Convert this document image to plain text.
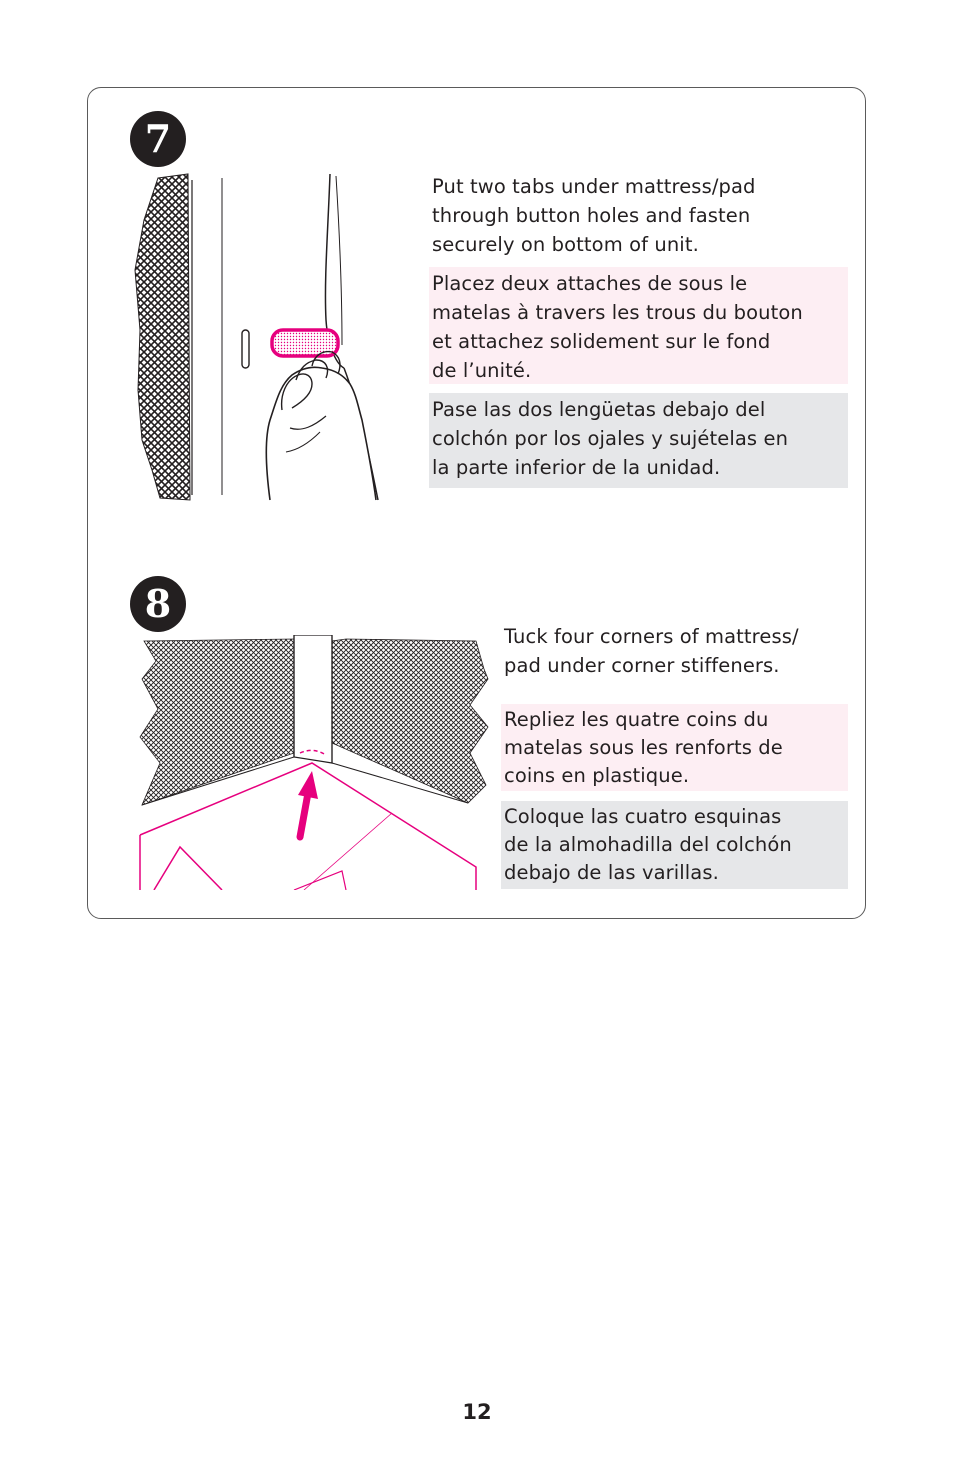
7
Put two tabs under mattress/pad
through button holes and fasten
securely on bottom of unit.
Placez deux attaches de sous le
matelas à travers les trous du bouton
et attachez solidement sur le fond
de l’unité.
Pase las dos lengüetas debajo del
colchón por los ojales y sujételas en
la parte inferior de la unidad.
8
Tuck four corners of mattress/
pad under corner stiffeners.
Repliez les quatre coins du
matelas sous les renforts de
coins en plastique.
Coloque las cuatro esquinas
de la almohadilla del colchón
debajo de las varillas.
12
